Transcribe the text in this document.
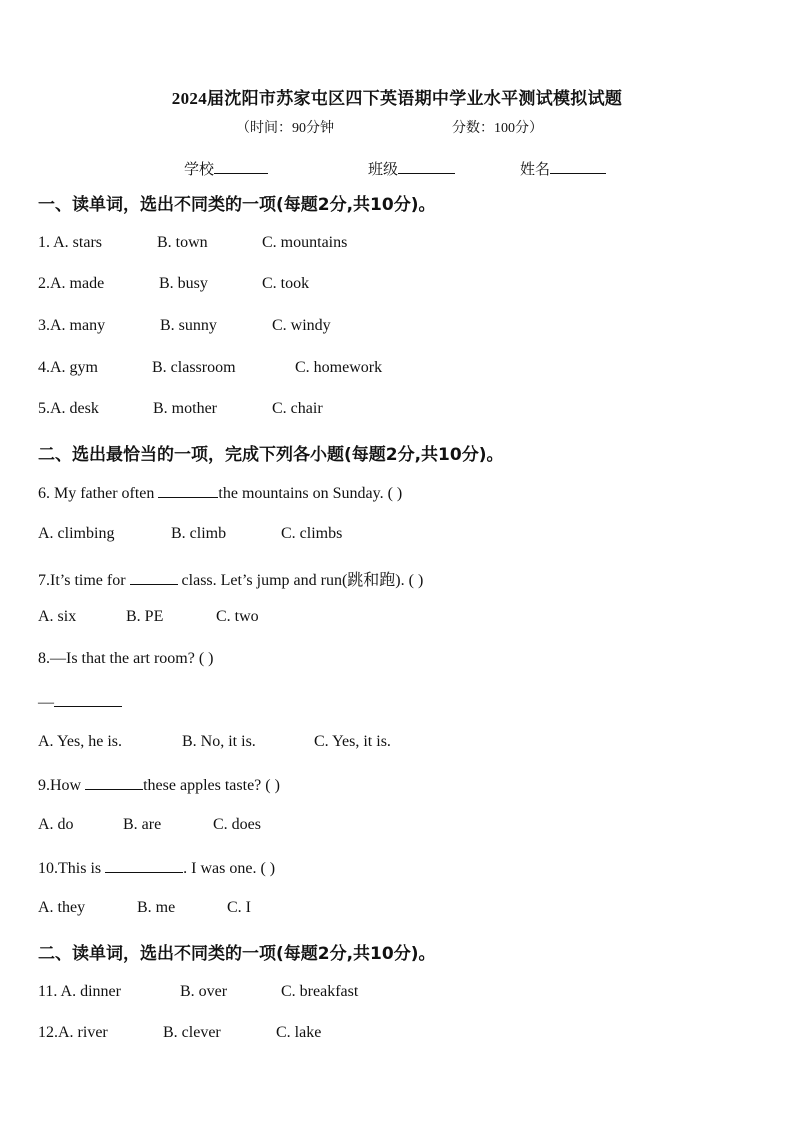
2024届沈阳市苏家屯区四下英语期中学业水平测试模拟试题
（时间：90分钟	分数：100分）
学校	班级	姓名
一、读单词，选出不同类的一项(每题2分,共10分)。
1. A. stars	B. town	C. mountains
2.A. made	B. busy	C. took
3.A. many	B. sunny	C. windy
4.A. gym	B. classroom	C. homework
5.A. desk	B. mother	C. chair
二、选出最恰当的一项，完成下列各小题(每题2分,共10分)。
6. My father often	the mountains on Sunday. ( )
A. climbing	B. climb	C. climbs
7.It’s time for	class. Let’s jump and run(跳和跑). ( )
A. six	B. PE	C. two
8.—Is that the art room? ( )
—
A. Yes, he is.	B. No, it is.	C. Yes, it is.
9.How	these apples taste? ( )
A. do	B. are	C. does
10.This is	. I was one. ( )
A. they	B. me	C. I
二、读单词，选出不同类的一项(每题2分,共10分)。
11. A. dinner	B. over	C. breakfast
12.A. river	B. clever	C. lake
